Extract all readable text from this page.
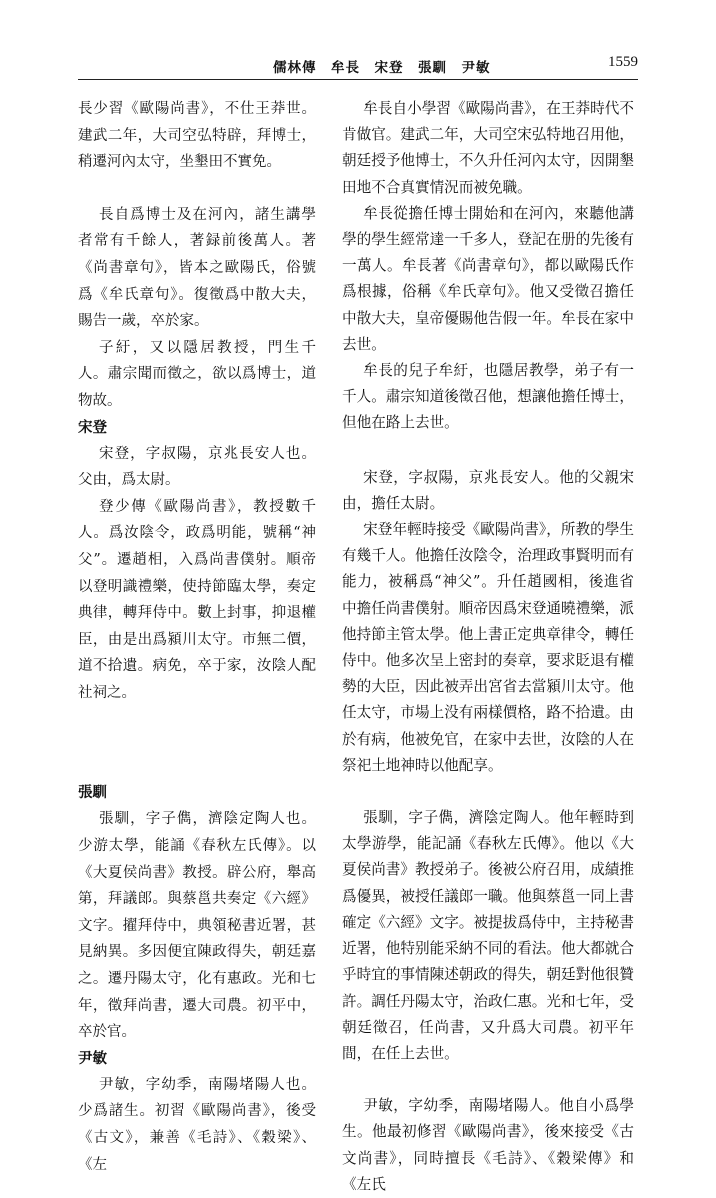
儒林傳　牟長　宋登　張馴　尹敏	1559

長少習《歐陽尚書》，不仕王莽世。建武二年，大司空弘特辟，拜博士，稍遷河內太守，坐墾田不實免。

長自爲博士及在河內，諸生講學者常有千餘人，著録前後萬人。著《尚書章句》，皆本之歐陽氏，俗號爲《牟氏章句》。復徵爲中散大夫，賜告一歲，卒於家。

子紆，又以隱居教授，門生千人。肅宗聞而徵之，欲以爲博士，道物故。

宋登

宋登，字叔陽，京兆長安人也。父由，爲太尉。

登少傳《歐陽尚書》，教授數千人。爲汝陰令，政爲明能，號稱“神父”。遷趙相，入爲尚書僕射。順帝以登明識禮樂，使持節臨太學，奏定典律，轉拜侍中。數上封事，抑退權臣，由是出爲潁川太守。市無二價，道不拾遺。病免，卒于家，汝陰人配社祠之。

張馴

張馴，字子儁，濟陰定陶人也。少游太學，能誦《春秋左氏傳》。以《大夏侯尚書》教授。辟公府，舉高第，拜議郎。與蔡邕共奏定《六經》文字。擢拜侍中，典領秘書近署，甚見納異。多因便宜陳政得失，朝廷嘉之。遷丹陽太守，化有惠政。光和七年，徵拜尚書，遷大司農。初平中，卒於官。

尹敏

尹敏，字幼季，南陽堵陽人也。少爲諸生。初習《歐陽尚書》，後受《古文》，兼善《毛詩》、《穀梁》、《左

牟長自小學習《歐陽尚書》，在王莽時代不肯做官。建武二年，大司空宋弘特地召用他，朝廷授予他博士，不久升任河內太守，因開墾田地不合真實情況而被免職。

牟長從擔任博士開始和在河內，來聽他講學的學生經常達一千多人，登記在册的先後有一萬人。牟長著《尚書章句》，都以歐陽氏作爲根據，俗稱《牟氏章句》。他又受徵召擔任中散大夫，皇帝優賜他告假一年。牟長在家中去世。

牟長的兒子牟紆，也隱居教學，弟子有一千人。肅宗知道後徵召他，想讓他擔任博士，但他在路上去世。

宋登，字叔陽，京兆長安人。他的父親宋由，擔任太尉。

宋登年輕時接受《歐陽尚書》，所教的學生有幾千人。他擔任汝陰令，治理政事賢明而有能力，被稱爲“神父”。升任趙國相，後進省中擔任尚書僕射。順帝因爲宋登通曉禮樂，派他持節主管太學。他上書正定典章律令，轉任侍中。他多次呈上密封的奏章，要求貶退有權勢的大臣，因此被弄出宮省去當潁川太守。他任太守，市場上没有兩樣價格，路不拾遺。由於有病，他被免官，在家中去世，汝陰的人在祭祀土地神時以他配享。

張馴，字子儁，濟陰定陶人。他年輕時到太學游學，能記誦《春秋左氏傳》。他以《大夏侯尚書》教授弟子。後被公府召用，成績推爲優異，被授任議郎一職。他與蔡邕一同上書確定《六經》文字。被提拔爲侍中，主持秘書近署，他特别能采納不同的看法。他大都就合乎時宜的事情陳述朝政的得失，朝廷對他很贊許。調任丹陽太守，治政仁惠。光和七年，受朝廷徵召，任尚書，又升爲大司農。初平年間，在任上去世。

尹敏，字幼季，南陽堵陽人。他自小爲學生。他最初修習《歐陽尚書》，後來接受《古文尚書》，同時擅長《毛詩》、《穀梁傳》和《左氏
